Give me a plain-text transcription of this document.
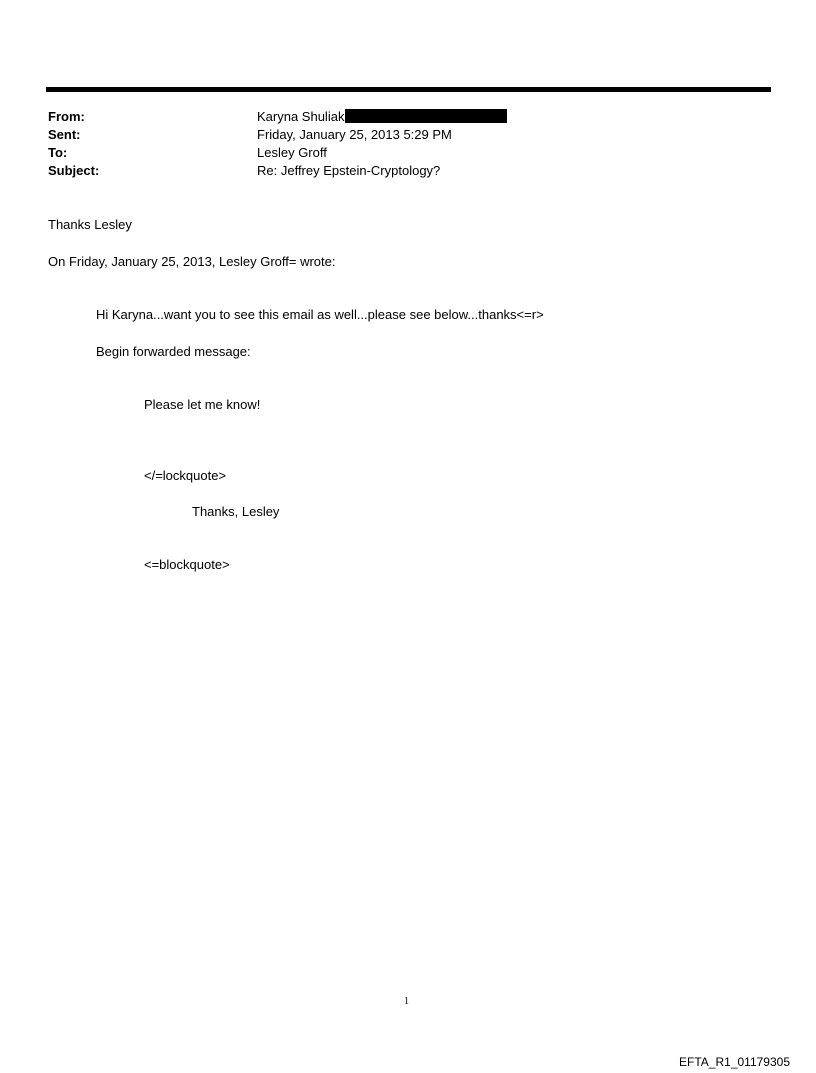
From:	Karyna Shuliak
Sent:	Friday, January 25, 2013 5:29 PM
To:	Lesley Groff
Subject:	Re: Jeffrey Epstein-Cryptology?
Thanks Lesley
On Friday, January 25, 2013, Lesley Groff= wrote:
Hi Karyna...want you to see this email as well...please see below...thanks<=r>
Begin forwarded message:
Please let me know!
</=lockquote>
Thanks, Lesley
<=blockquote>
1
EFTA_R1_01179305
